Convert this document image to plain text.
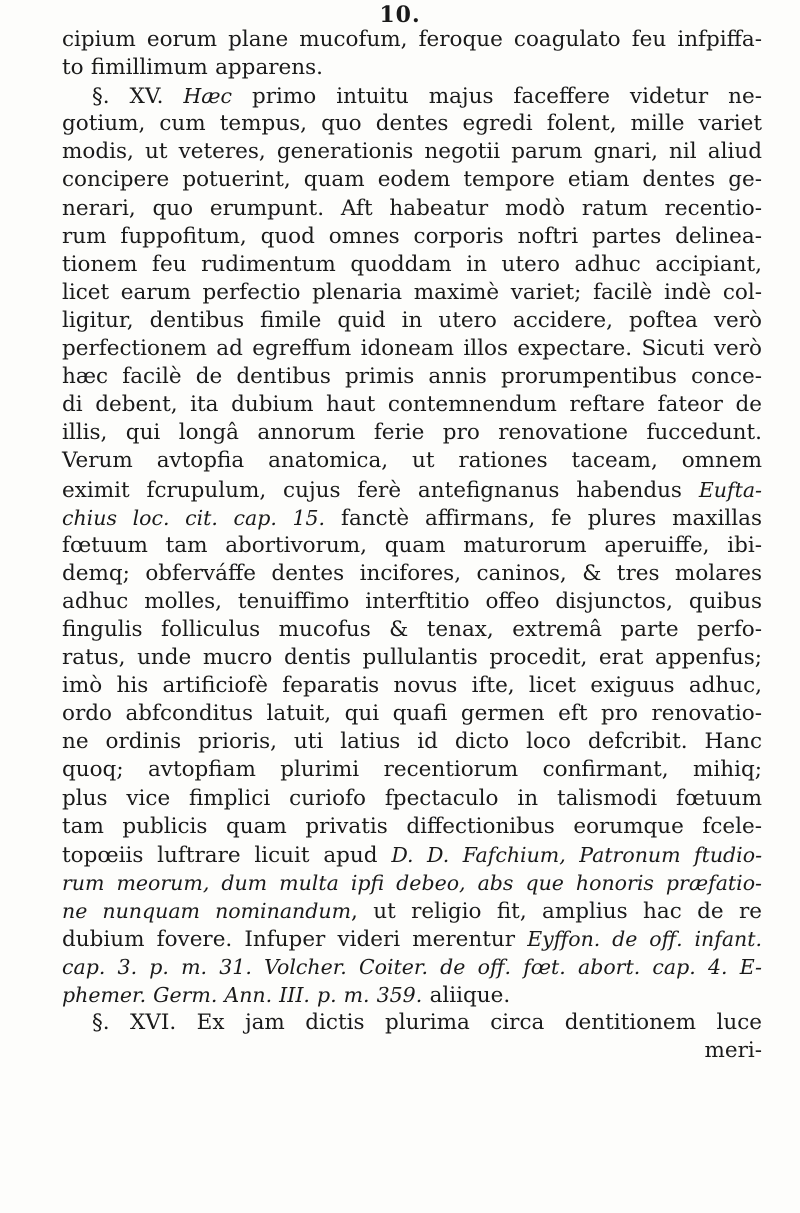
10.
cipium eorum plane mucofum, feroque coagulato feu infpiffa-
to fimillimum apparens.
§. XV. Hæc primo intuitu majus faceffere videtur ne-
gotium, cum tempus, quo dentes egredi folent, mille variet
modis, ut veteres, generationis negotii parum gnari, nil aliud
concipere potuerint, quam eodem tempore etiam dentes ge-
nerari, quo erumpunt. Aft habeatur modò ratum recentio-
rum fuppofitum, quod omnes corporis noftri partes delinea-
tionem feu rudimentum quoddam in utero adhuc accipiant,
licet earum perfectio plenaria maximè variet; facilè indè col-
ligitur, dentibus fimile quid in utero accidere, poftea verò
perfectionem ad egreffum idoneam illos expectare. Sicuti verò
hæc facilè de dentibus primis annis prorumpentibus conce-
di debent, ita dubium haut contemnendum reftare fateor de
illis, qui longâ annorum ferie pro renovatione fuccedunt.
Verum avtopfia anatomica, ut rationes taceam, omnem
eximit fcrupulum, cujus ferè antefignanus habendus Eufta-
chius loc. cit. cap. 15. fanctè affirmans, fe plures maxillas
fœtuum tam abortivorum, quam maturorum aperuiffe, ibi-
demq; obferváffe dentes incifores, caninos, & tres molares
adhuc molles, tenuiffimo interftitio offeo disjunctos, quibus
fingulis folliculus mucofus & tenax, extremâ parte perfo-
ratus, unde mucro dentis pullulantis procedit, erat appenfus;
imò his artificiofè feparatis novus ifte, licet exiguus adhuc,
ordo abfconditus latuit, qui quafi germen eft pro renovatio-
ne ordinis prioris, uti latius id dicto loco defcribit. Hanc
quoq; avtopfiam plurimi recentiorum confirmant, mihiq;
plus vice fimplici curiofo fpectaculo in talismodi fœtuum
tam publicis quam privatis diffectionibus eorumque fcele-
topœiis luftrare licuit apud D. D. Fafchium, Patronum ftudio-
rum meorum, dum multa ipfi debeo, abs que honoris præfatio-
ne nunquam nominandum, ut religio fit, amplius hac de re
dubium fovere. Infuper videri merentur Eyffon. de off. infant.
cap. 3. p. m. 31. Volcher. Coiter. de off. fœt. abort. cap. 4. E-
phemer. Germ. Ann. III. p. m. 359. aliique.
§. XVI. Ex jam dictis plurima circa dentitionem luce
meri-
